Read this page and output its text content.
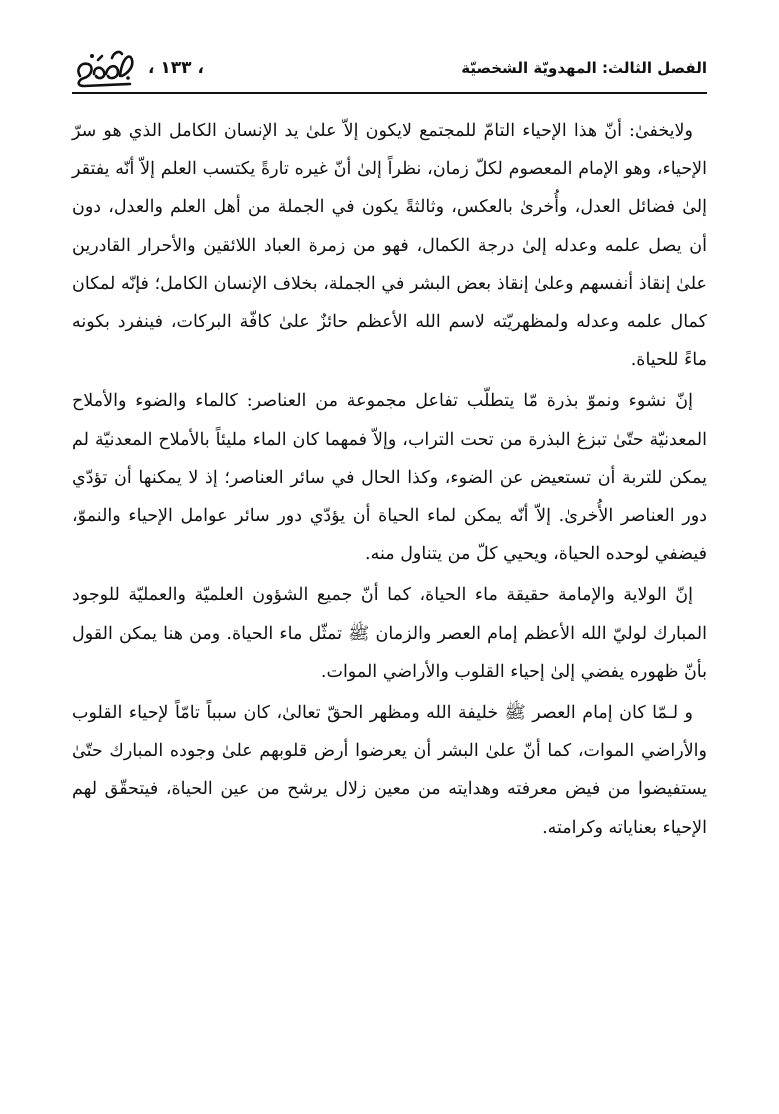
الفصل الثالث: المهدويّة الشخصيّة
، ١٣٣ ،

ولايخفىٰ: أنّ هذا الإحياء التامّ للمجتمع لايكون إلاّ علىٰ يد الإنسان الكامل الذي هو سرّ الإحياء، وهو الإمام المعصوم لكلّ زمان، نظراً إلىٰ أنّ غيره تارةً يكتسب العلم إلاّ أنّه يفتقر إلىٰ فضائل العدل، وأُخرىٰ بالعكس، وثالثةً يكون في الجملة من أهل العلم والعدل، دون أن يصل علمه وعدله إلىٰ درجة الكمال، فهو من زمرة العباد اللائقين والأحرار القادرين علىٰ إنقاذ أنفسهم وعلىٰ إنقاذ بعض البشر في الجملة، بخلاف الإنسان الكامل؛ فإنّه لمكان كمال علمه وعدله ولمظهريّته لاسم الله الأعظم حائزٌ علىٰ كافّة البركات، فينفرد بكونه ماءً للحياة.

إنّ نشوء ونموّ بذرة مّا يتطلّب تفاعل مجموعة من العناصر: كالماء والضوء والأملاح المعدنيّة حتّىٰ تبزغ البذرة من تحت التراب، وإلاّ فمهما كان الماء مليئاً بالأملاح المعدنيّة لم يمكن للتربة أن تستعيض عن الضوء، وكذا الحال في سائر العناصر؛ إذ لا يمكنها أن تؤدّي دور العناصر الأُخرىٰ. إلاّ أنّه يمكن لماء الحياة أن يؤدّي دور سائر عوامل الإحياء والنموّ، فيضفي لوحده الحياة، ويحيي كلّ من يتناول منه.

إنّ الولاية والإمامة حقيقة ماء الحياة، كما أنّ جميع الشؤون العلميّة والعمليّة للوجود المبارك لوليّ الله الأعظم إمام العصر والزمان ﷺ تمثّل ماء الحياة. ومن هنا يمكن القول بأنّ ظهوره يفضي إلىٰ إحياء القلوب والأراضي الموات.

و لـمّا كان إمام العصر ﷺ خليفة الله ومظهر الحقّ تعالىٰ، كان سبباً تامّاً لإحياء القلوب والأراضي الموات، كما أنّ علىٰ البشر أن يعرضوا أرض قلوبهم علىٰ وجوده المبارك حتّىٰ يستفيضوا من فيض معرفته وهدايته من معين زلال يرشح من عين الحياة، فيتحقّق لهم الإحياء بعناياته وكرامته.
